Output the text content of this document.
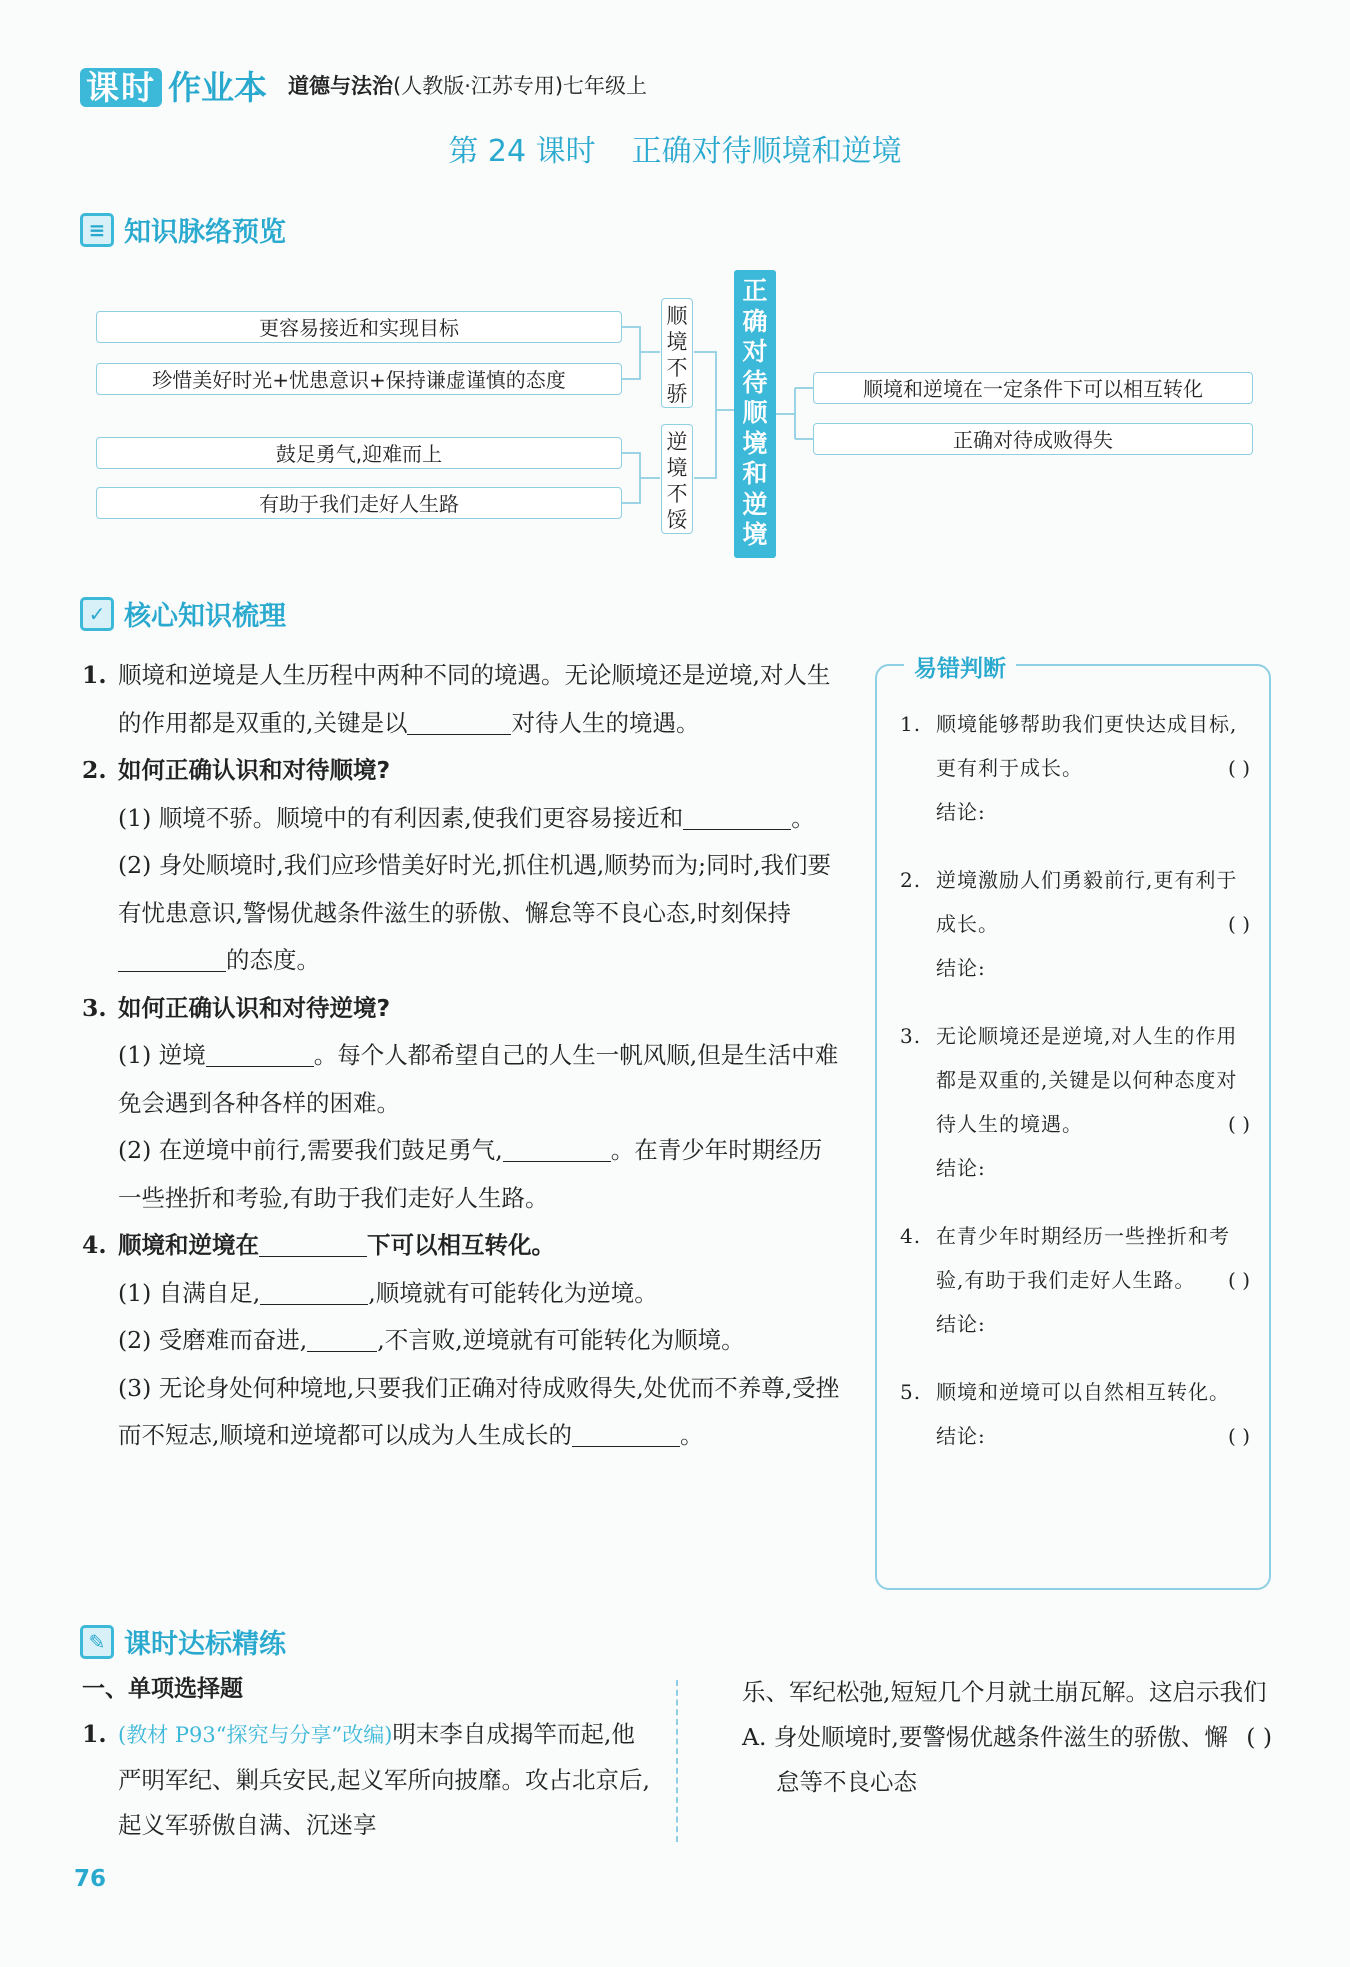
课时 作业本 道德与法治(人教版·江苏专用)七年级上
第 24 课时 正确对待顺境和逆境
≡ 知识脉络预览
更容易接近和实现目标
珍惜美好时光+忧患意识+保持谦虚谨慎的态度
鼓足勇气,迎难而上
有助于我们走好人生路
顺境不骄
逆境不馁
正确对待顺境和逆境
顺境和逆境在一定条件下可以相互转化
正确对待成败得失
✓ 核心知识梳理
1. 顺境和逆境是人生历程中两种不同的境遇。无论顺境还是逆境,对人生的作用都是双重的,关键是以	对待人生的境遇。
2. 如何正确认识和对待顺境?
(1) 顺境不骄。顺境中的有利因素,使我们更容易接近和	。
(2) 身处顺境时,我们应珍惜美好时光,抓住机遇,顺势而为;同时,我们要有忧患意识,警惕优越条件滋生的骄傲、懈怠等不良心态,时刻保持的态度。
3. 如何正确认识和对待逆境?
(1) 逆境	。每个人都希望自己的人生一帆风顺,但是生活中难免会遇到各种各样的困难。
(2) 在逆境中前行,需要我们鼓足勇气,	。在青少年时期经历一些挫折和考验,有助于我们走好人生路。
4. 顺境和逆境在	下可以相互转化。
(1) 自满自足,	,顺境就有可能转化为逆境。
(2) 受磨难而奋进,	,不言败,逆境就有可能转化为顺境。
(3) 无论身处何种境地,只要我们正确对待成败得失,处优而不养尊,受挫而不短志,顺境和逆境都可以成为人生成长的	。
易错判断
1. 顺境能够帮助我们更快达成目标,更有利于成长。	( )

结论:
2. 逆境激励人们勇毅前行,更有利于成长。	( )

结论:
3. 无论顺境还是逆境,对人生的作用都是双重的,关键是以何种态度对待人生的境遇。	( )

结论:
4. 在青少年时期经历一些挫折和考验,有助于我们走好人生路。 ( )

结论:
5. 顺境和逆境可以自然相互转化。
( )

结论:
✎ 课时达标精练
一、单项选择题
1. (教材 P93“探究与分享”改编)明末李自成揭竿而起,他严明军纪、剿兵安民,起义军所向披靡。攻占北京后,起义军骄傲自满、沉迷享
乐、军纪松弛,短短几个月就土崩瓦解。这启示我们
( )
A. 身处顺境时,要警惕优越条件滋生的骄傲、懈怠等不良心态
76
